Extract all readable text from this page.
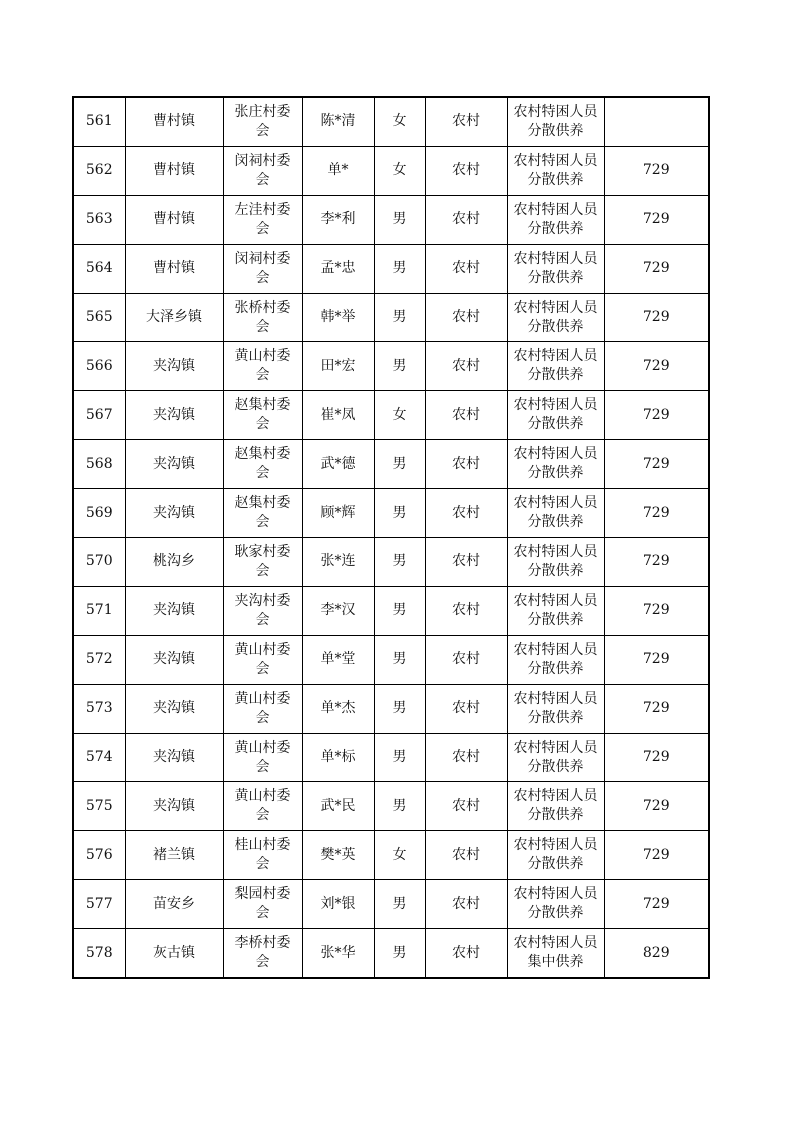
561	曹村镇	张庄村委会	陈*清	女	农村	农村特困人员分散供养	
562	曹村镇	闵祠村委会	单*	女	农村	农村特困人员分散供养	729
563	曹村镇	左洼村委会	李*利	男	农村	农村特困人员分散供养	729
564	曹村镇	闵祠村委会	孟*忠	男	农村	农村特困人员分散供养	729
565	大泽乡镇	张桥村委会	韩*举	男	农村	农村特困人员分散供养	729
566	夹沟镇	黄山村委会	田*宏	男	农村	农村特困人员分散供养	729
567	夹沟镇	赵集村委会	崔*凤	女	农村	农村特困人员分散供养	729
568	夹沟镇	赵集村委会	武*德	男	农村	农村特困人员分散供养	729
569	夹沟镇	赵集村委会	顾*辉	男	农村	农村特困人员分散供养	729
570	桃沟乡	耿家村委会	张*连	男	农村	农村特困人员分散供养	729
571	夹沟镇	夹沟村委会	李*汉	男	农村	农村特困人员分散供养	729
572	夹沟镇	黄山村委会	单*堂	男	农村	农村特困人员分散供养	729
573	夹沟镇	黄山村委会	单*杰	男	农村	农村特困人员分散供养	729
574	夹沟镇	黄山村委会	单*标	男	农村	农村特困人员分散供养	729
575	夹沟镇	黄山村委会	武*民	男	农村	农村特困人员分散供养	729
576	褚兰镇	桂山村委会	樊*英	女	农村	农村特困人员分散供养	729
577	苗安乡	梨园村委会	刘*银	男	农村	农村特困人员分散供养	729
578	灰古镇	李桥村委会	张*华	男	农村	农村特困人员集中供养	829
